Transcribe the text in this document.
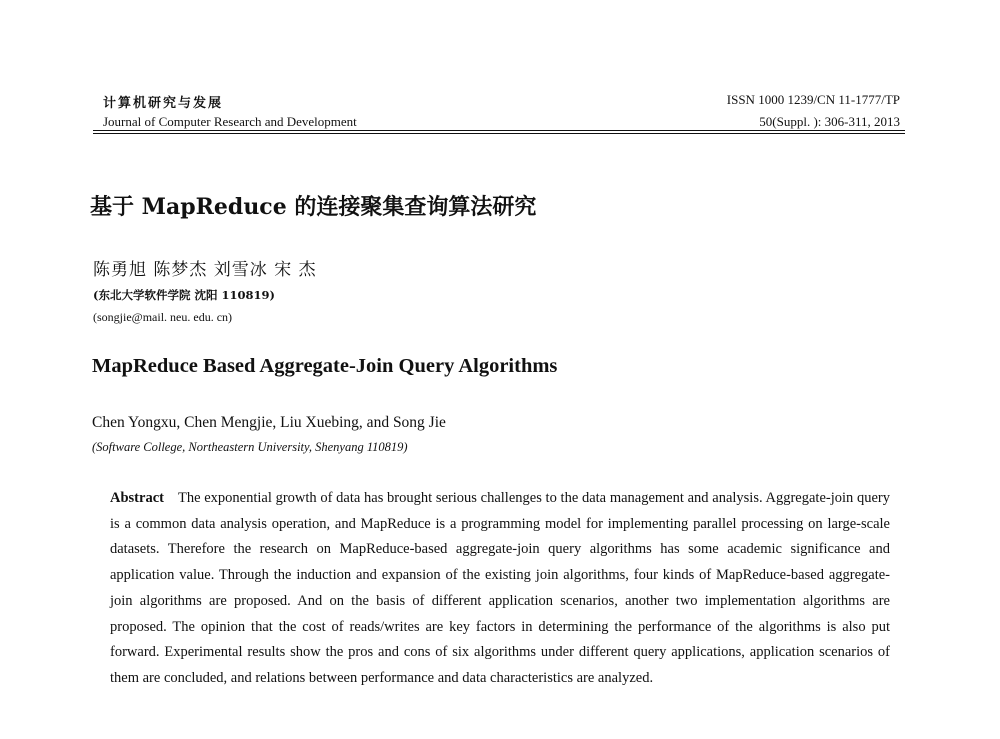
计算机研究与发展
Journal of Computer Research and Development
ISSN 1000 1239/CN 11-1777/TP
50(Suppl. ): 306-311, 2013
基于 MapReduce 的连接聚集查询算法研究
陈勇旭 陈梦杰 刘雪冰 宋 杰
(东北大学软件学院 沈阳 110819)
(songjie@mail. neu. edu. cn)
MapReduce Based Aggregate-Join Query Algorithms
Chen Yongxu, Chen Mengjie, Liu Xuebing, and Song Jie
(Software College, Northeastern University, Shenyang 110819)
Abstract The exponential growth of data has brought serious challenges to the data management and analysis. Aggregate-join query is a common data analysis operation, and MapReduce is a programming model for implementing parallel processing on large-scale datasets. Therefore the research on MapReduce-based aggregate-join query algorithms has some academic significance and application value. Through the induction and expansion of the existing join algorithms, four kinds of MapReduce-based aggregate-join algorithms are proposed. And on the basis of different application scenarios, another two implementation algorithms are proposed. The opinion that the cost of reads/writes are key factors in determining the performance of the algorithms is also put forward. Experimental results show the pros and cons of six algorithms under different query applications, application scenarios of them are concluded, and relations between performance and data characteristics are analyzed.
